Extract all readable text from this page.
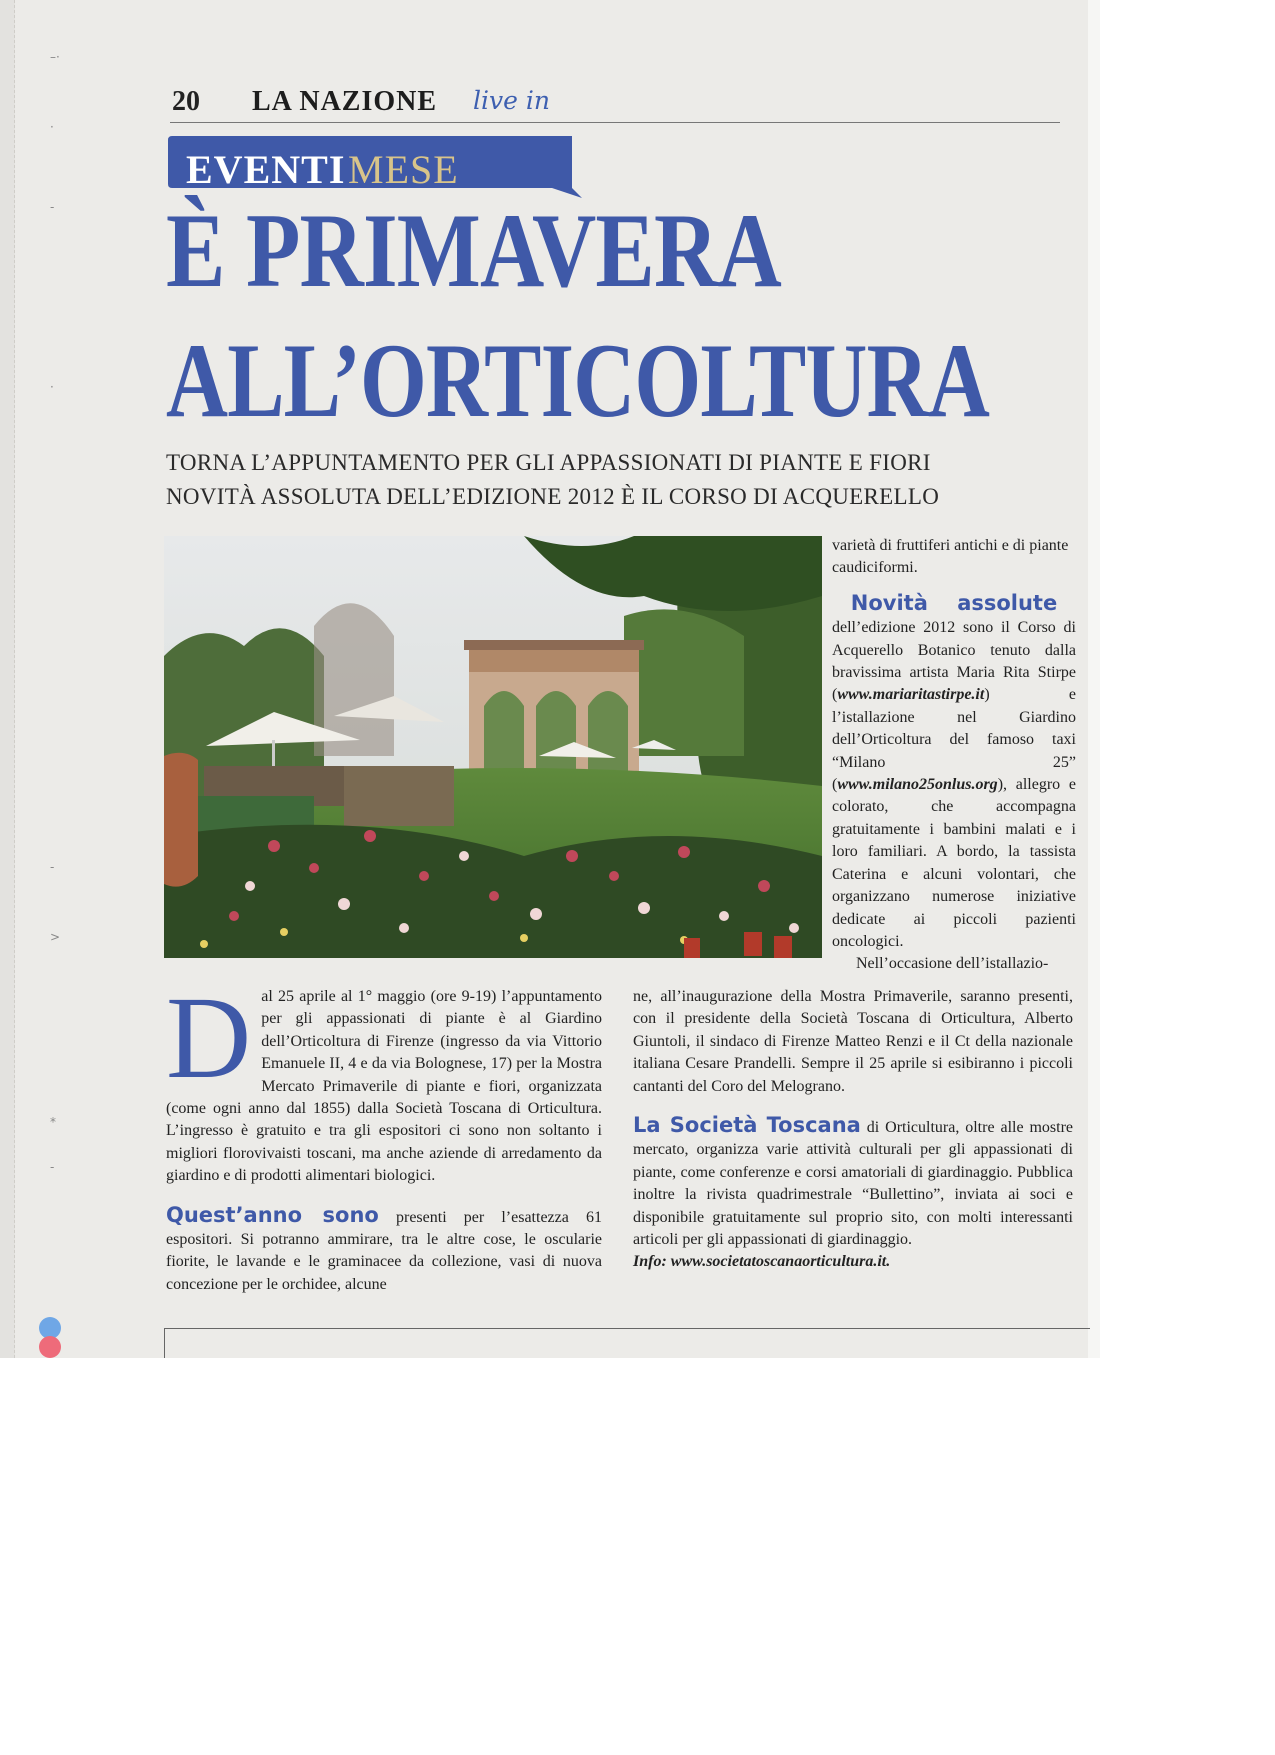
–·
·
-
·
-
>
*
-
20 LA NAZIONE live in
EVENTI MESE
È PRIMAVERA
ALL’ORTICOLTURA
TORNA L’APPUNTAMENTO PER GLI APPASSIONATI DI PIANTE E FIORI
NOVITÀ ASSOLUTA DELL’EDIZIONE 2012 È IL CORSO DI ACQUERELLO

varietà di fruttiferi antichi e di piante caudiciformi.

Novità assolute

dell’edizione 2012 sono il Corso di Acquerello Botanico tenuto dalla bravissima artista Maria Rita Stirpe (www.mariaritastirpe.it) e l’istallazione nel Giardino dell’Orticoltura del famoso taxi “Milano 25” (www.milano25onlus.org), allegro e colorato, che accompagna gratuitamente i bambini malati e i loro familiari. A bordo, la tassista Caterina e alcuni volontari, che organizzano numerose iniziative dedicate ai piccoli pazienti oncologici.

Nell’occasione dell’istallazio-

D al 25 aprile al 1° maggio (ore 9-19) l’appuntamento per gli appassionati di piante è al Giardino dell’Orticoltura di Firenze (ingresso da via Vittorio Emanuele II, 4 e da via Bolognese, 17) per la Mostra Mercato Primaverile di piante e fiori, organizzata (come ogni anno dal 1855) dalla Società Toscana di Orticultura. L’ingresso è gratuito e tra gli espositori ci sono non soltanto i migliori florovivaisti toscani, ma anche aziende di arredamento da giardino e di prodotti alimentari biologici.

Quest’anno sono presenti per l’esattezza 61 espositori. Si potranno ammirare, tra le altre cose, le oscularie fiorite, le lavande e le graminacee da collezione, vasi di nuova concezione per le orchidee, alcune

ne, all’inaugurazione della Mostra Primaverile, saranno presenti, con il presidente della Società Toscana di Orticultura, Alberto Giuntoli, il sindaco di Firenze Matteo Renzi e il Ct della nazionale italiana Cesare Prandelli. Sempre il 25 aprile si esibiranno i piccoli cantanti del Coro del Melograno.

La Società Toscana di Orticultura, oltre alle mostre mercato, organizza varie attività culturali per gli appassionati di piante, come conferenze e corsi amatoriali di giardinaggio. Pubblica inoltre la rivista quadrimestrale “Bullettino”, inviata ai soci e disponibile gratuitamente sul proprio sito, con molti interessanti articoli per gli appassionati di giardinaggio.

Info: www.societatoscanaorticultura.it.
